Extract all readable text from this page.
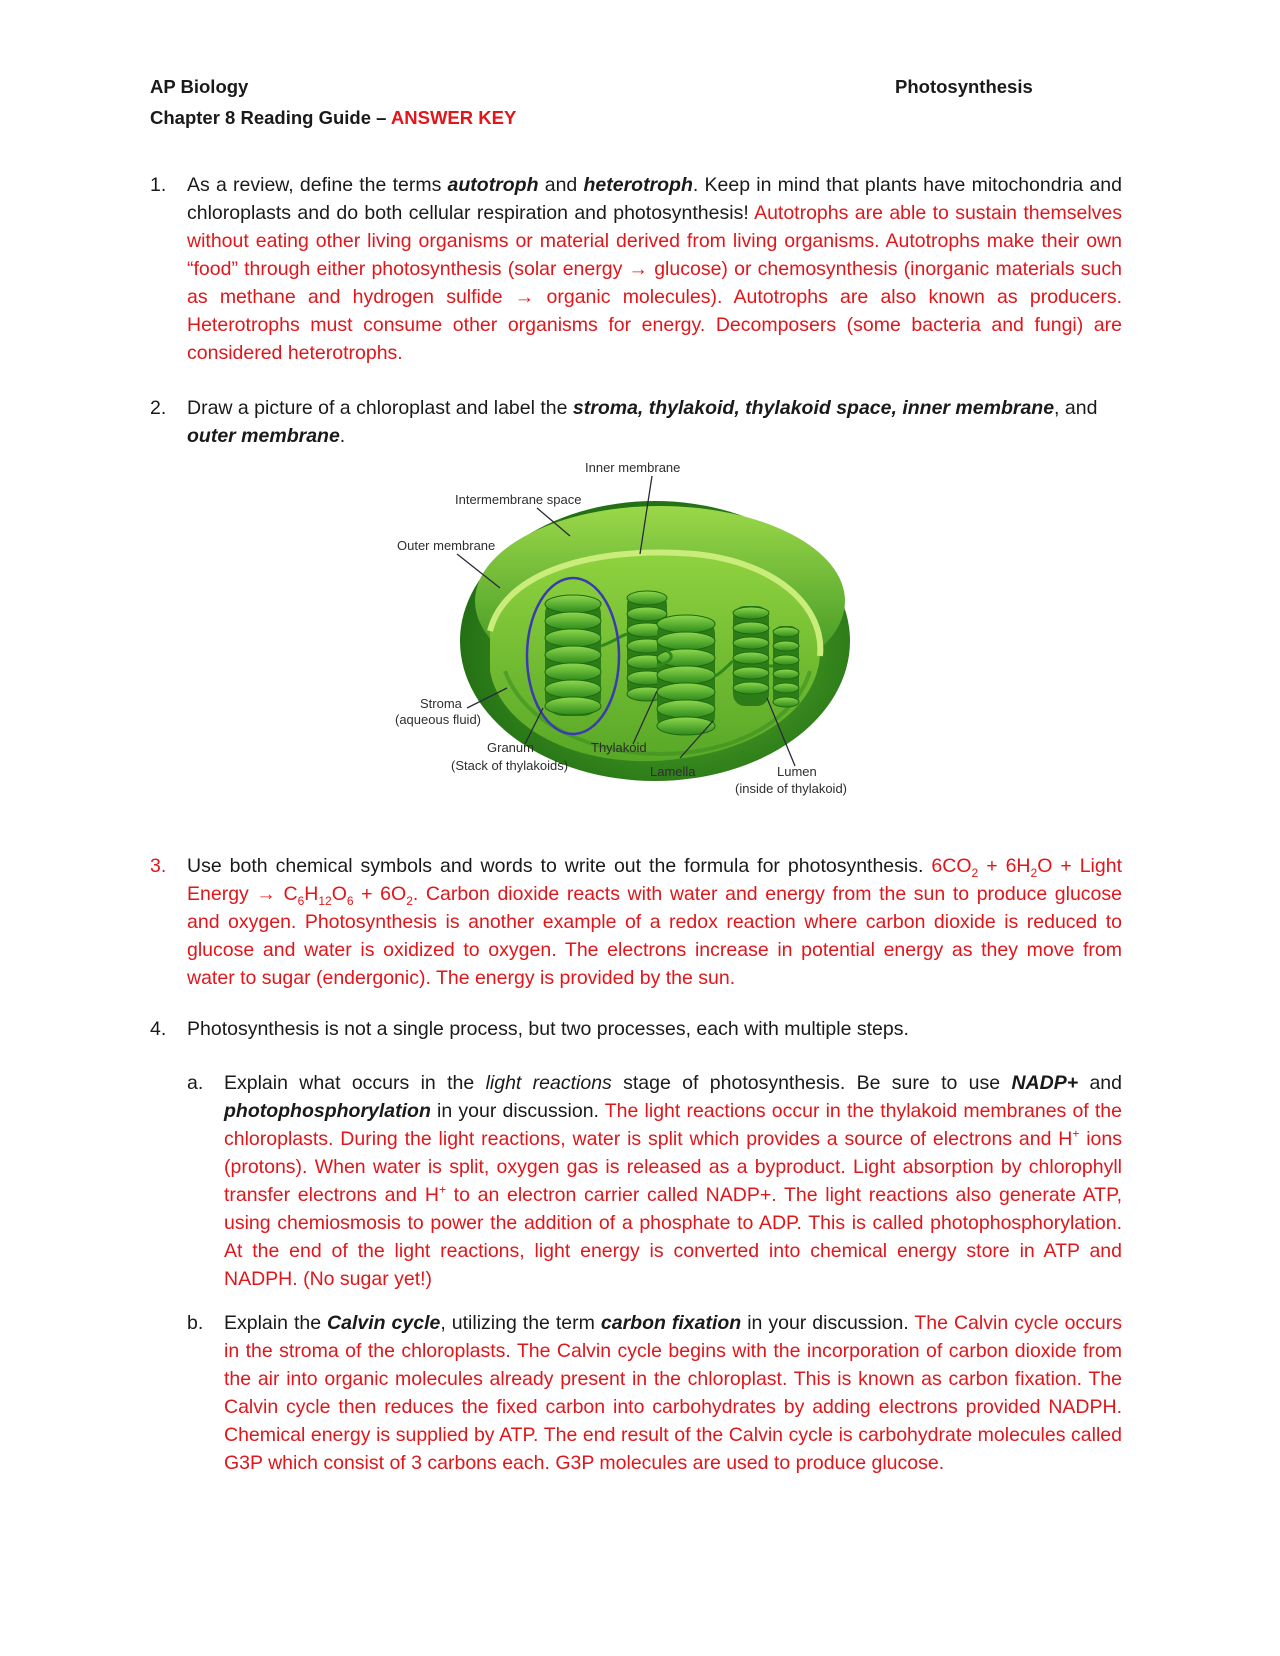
AP Biology	Photosynthesis
Chapter 8 Reading Guide – ANSWER KEY
1. As a review, define the terms autotroph and heterotroph. Keep in mind that plants have mitochondria and chloroplasts and do both cellular respiration and photosynthesis! Autotrophs are able to sustain themselves without eating other living organisms or material derived from living organisms. Autotrophs make their own “food” through either photosynthesis (solar energy → glucose) or chemosynthesis (inorganic materials such as methane and hydrogen sulfide → organic molecules). Autotrophs are also known as producers. Heterotrophs must consume other organisms for energy. Decomposers (some bacteria and fungi) are considered heterotrophs.
2. Draw a picture of a chloroplast and label the stroma, thylakoid, thylakoid space, inner membrane, and outer membrane.
Inner membrane
Intermembrane space
Outer membrane
Stroma
(aqueous fluid)
Granum
(Stack of thylakoids)
Thylakoid
Lamella	Lumen
(inside of thylakoid)
3. Use both chemical symbols and words to write out the formula for photosynthesis. $6CO_2 + 6H_2O$ + Light Energy → $C_6H_{12}O_6 + 6O_2$. Carbon dioxide reacts with water and energy from the sun to produce glucose and oxygen. Photosynthesis is another example of a redox reaction where carbon dioxide is reduced to glucose and water is oxidized to oxygen. The electrons increase in potential energy as they move from water to sugar (endergonic). The energy is provided by the sun.
4. Photosynthesis is not a single process, but two processes, each with multiple steps.
a. Explain what occurs in the light reactions stage of photosynthesis. Be sure to use NADP+ and photophosphorylation in your discussion. The light reactions occur in the thylakoid membranes of the chloroplasts. During the light reactions, water is split which provides a source of electrons and H+ ions (protons). When water is split, oxygen gas is released as a byproduct. Light absorption by chlorophyll transfer electrons and H+ to an electron carrier called NADP+. The light reactions also generate ATP, using chemiosmosis to power the addition of a phosphate to ADP. This is called photophosphorylation. At the end of the light reactions, light energy is converted into chemical energy store in ATP and NADPH. (No sugar yet!)
b. Explain the Calvin cycle, utilizing the term carbon fixation in your discussion. The Calvin cycle occurs in the stroma of the chloroplasts. The Calvin cycle begins with the incorporation of carbon dioxide from the air into organic molecules already present in the chloroplast. This is known as carbon fixation. The Calvin cycle then reduces the fixed carbon into carbohydrates by adding electrons provided NADPH. Chemical energy is supplied by ATP. The end result of the Calvin cycle is carbohydrate molecules called G3P which consist of 3 carbons each. G3P molecules are used to produce glucose.
